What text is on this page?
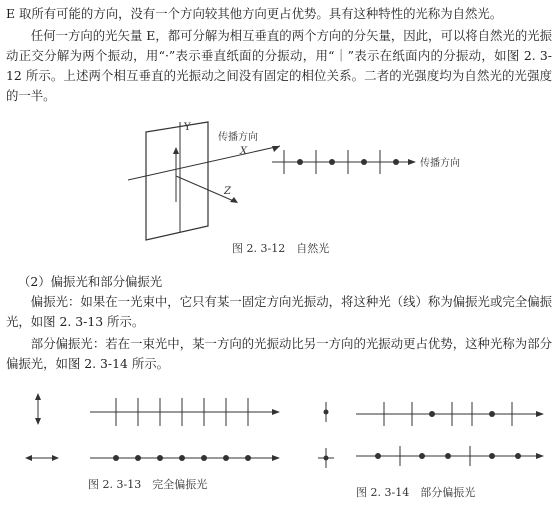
E 取所有可能的方向，没有一个方向较其他方向更占优势。具有这种特性的光称为自然光。

任何一方向的光矢量 E，都可分解为相互垂直的两个方向的分矢量，因此，可以将自然光的光振动正交分解为两个振动，用“·”表示垂直纸面的分振动，用“｜”表示在纸面内的分振动，如图 2. 3-12 所示。上述两个相互垂直的光振动之间没有固定的相位关系。二者的光强度均为自然光的光强度的一半。

Y
X
Z
传播方向
传播方向
图 2. 3-12　自然光
（2）偏振光和部分偏振光

偏振光：如果在一光束中，它只有某一固定方向光振动，将这种光（线）称为偏振光或完全偏振光，如图 2. 3-13 所示。

部分偏振光：若在一束光中，某一方向的光振动比另一方向的光振动更占优势，这种光称为部分偏振光，如图 2. 3-14 所示。

图 2. 3-13　完全偏振光
图 2. 3-14　部分偏振光
